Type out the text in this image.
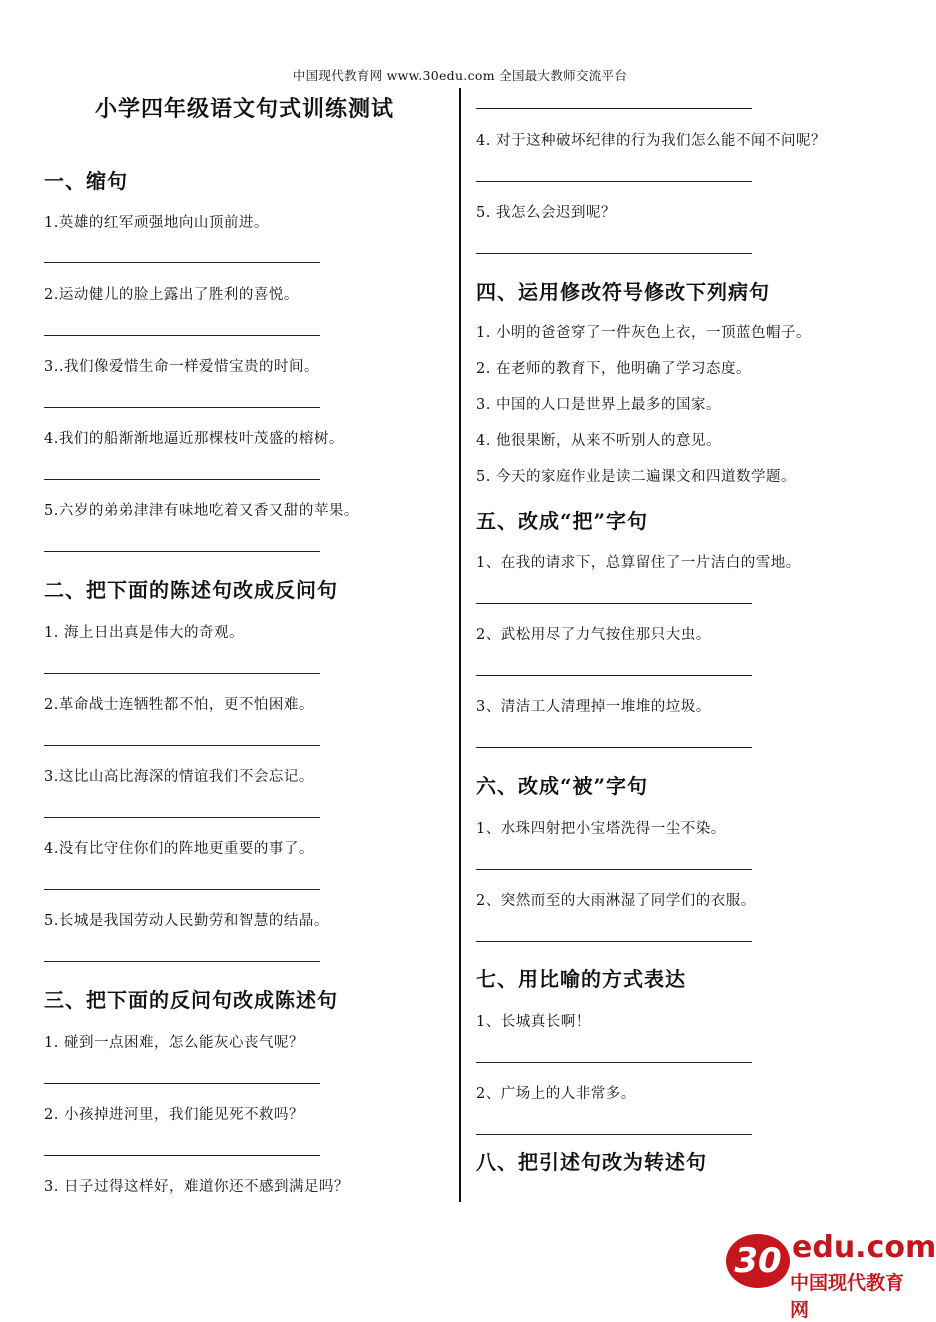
中国现代教育网 www.30edu.com 全国最大教师交流平台
小学四年级语文句式训练测试
一、缩句
1.英雄的红军顽强地向山顶前进。
2.运动健儿的脸上露出了胜利的喜悦。
3..我们像爱惜生命一样爱惜宝贵的时间。
4.我们的船渐渐地逼近那棵枝叶茂盛的榕树。
5.六岁的弟弟津津有味地吃着又香又甜的苹果。
二、把下面的陈述句改成反问句
1. 海上日出真是伟大的奇观。
2.革命战士连牺牲都不怕，更不怕困难。
3.这比山高比海深的情谊我们不会忘记。
4.没有比守住你们的阵地更重要的事了。
5.长城是我国劳动人民勤劳和智慧的结晶。
三、把下面的反问句改成陈述句
1. 碰到一点困难，怎么能灰心丧气呢？
2. 小孩掉进河里，我们能见死不救吗？
3. 日子过得这样好，难道你还不感到满足吗？
4. 对于这种破坏纪律的行为我们怎么能不闻不问呢？
5. 我怎么会迟到呢？
四、运用修改符号修改下列病句
1. 小明的爸爸穿了一件灰色上衣，一顶蓝色帽子。
2. 在老师的教育下，他明确了学习态度。
3. 中国的人口是世界上最多的国家。
4. 他很果断，从来不听别人的意见。
5. 今天的家庭作业是读二遍课文和四道数学题。
五、改成“把”字句
1、在我的请求下，总算留住了一片洁白的雪地。
2、武松用尽了力气按住那只大虫。
3、清洁工人清理掉一堆堆的垃圾。
六、改成“被”字句
1、水珠四射把小宝塔洗得一尘不染。
2、突然而至的大雨淋湿了同学们的衣服。
七、用比喻的方式表达
1、长城真长啊！
2、广场上的人非常多。
八、把引述句改为转述句
30 edu.com
中国现代教育网
